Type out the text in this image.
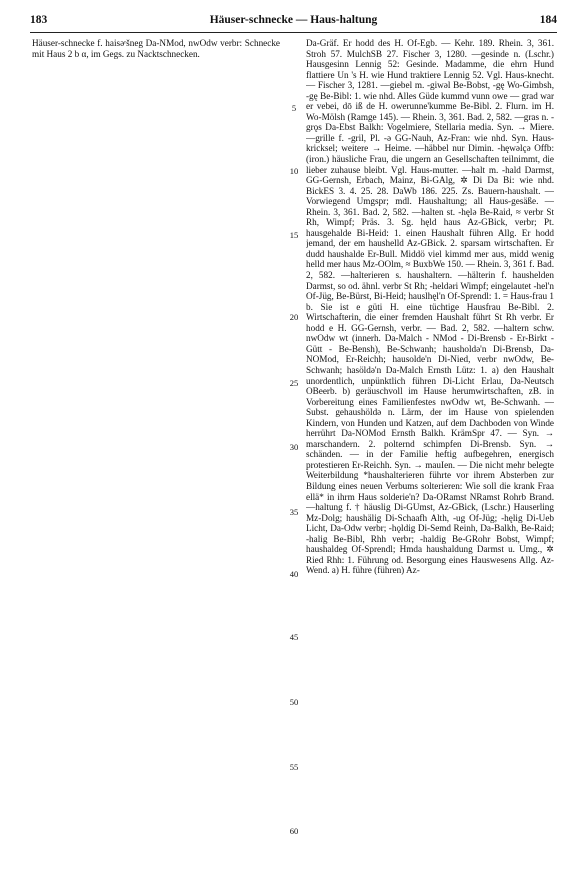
183	Häuser-schnecke — Haus-haltung	184

Häuser-schnecke f. haisǝʳšneg Da-NMod, nwOdw verbr: Schnecke mit Haus 2 b α, im Gegs. zu Nacktschnecken.

Da-Gräf. Er hodd des H. Of-Egb. — Kehr. 189. Rhein. 3, 361. Stroh 57. MulchSB 27. Fischer 3, 1280. —gesinde n. (Lschr.) Hausgesinn Lennig 52: Gesinde. Madamme, die ehrn Hund flattiere Un 's H. wie Hund traktiere Lennig 52. Vgl. Haus-knecht. — Fischer 3, 1281. —giebel m. -giwǝl Be-Bobst, -gę Wo-Gimbsh, -gę Be-Bibl: 1. wie nhd. Alles Güde kummd vunn owe — grad war er vebei, dō iß de H. owerunne'kumme Be-Bibl. 2. Flurn. im H. Wo-Mölsh (Ramge 145). — Rhein. 3, 361. Bad. 2, 582. —gras n. -grǫs Da-Ebst Balkh: Vogelmiere, Stellaria media. Syn. → Miere. —grille f. -gril, Pl. -ǝ GG-Nauh, Az-Fran: wie nhd. Syn. Haus-kricksel; weitere → Heime. —häbbel nur Dimin. -hęwǝlçǝ Offb: (iron.) häusliche Frau, die ungern an Gesellschaften teilnimmt, die lieber zuhause bleibt. Vgl. Haus-mutter. —halt m. -hald Darmst, GG-Gernsh, Erbach, Mainz, Bi-GAlg, ✲ Di Da Bi: wie nhd. BickES 3. 4. 25. 28. DaWb 186. 225. Zs. Bauern-haushalt. — Vorwiegend Umgspr; mdl. Haushaltung; all Haus-gesäße. — Rhein. 3, 361. Bad. 2, 582. —halten st. -hęlǝ Be-Raid, ≈ verbr St Rh, Wimpf; Präs. 3. Sg. hęld haus Az-GBick, verbr; Pt. hausgehalde Bi-Heid: 1. einen Haushalt führen Allg. Er hodd jemand, der em haushelld Az-GBick. 2. sparsam wirtschaften. Er dudd haushalde Er-Bull. Middö viel kimmd mer aus, midd wenig helld mer haus Mz-OOlm, ≈ BuxbWe 150. — Rhein. 3, 361 f. Bad. 2, 582. —halterieren s. haushaltern. —hälterin f. haushelden Darmst, so od. ähnl. verbr St Rh; -heldǝri Wimpf; eingelautet -hel'n Of-Jüg, Be-Bürst, Bi-Heid; hauslhęl'n Of-Sprendl: 1. = Haus-frau 1 b. Sie ist e güti H. eine tüchtige Hausfrau Be-Bibl. 2. Wirtschafterin, die einer fremden Haushalt führt St Rh verbr. Er hodd e H. GG-Gernsh, verbr. — Bad. 2, 582. —haltern schw. nwOdw wt (innerh. Da-Malch - NMod - Di-Brensb - Er-Birkt - Gütt - Be-Bensh), Be-Schwanh; hausholdǝ'n Di-Brensb, Da-NOMod, Er-Reichh; hausolde'n Di-Nied, verbr nwOdw, Be-Schwanh; hasöldǝ'n Da-Malch Ernsth Lütz: 1. a) den Haushalt unordentlich, unpünktlich führen Di-Licht Erlau, Da-Neutsch OBeerb. b) geräuschvoll im Hause herumwirtschaften, zB. in Vorbereitung eines Familienfestes nwOdw wt, Be-Schwanh. — Subst. gehaushöldǝ n. Lärm, der im Hause von spielenden Kindern, von Hunden und Katzen, auf dem Dachboden von Winde herrührt Da-NOMod Ernsth Balkh. KrämSpr 47. — Syn. → marschandern. 2. polternd schimpfen Di-Brensb. Syn. → schänden. — in der Familie heftig aufbegehren, energisch protestieren Er-Reichh. Syn. → mauIen. — Die nicht mehr belegte Weiterbildung *haushalterieren führte vor ihrem Absterben zur Bildung eines neuen Verbums solterieren: Wie soll die krank Fraa ellä* in ihrm Haus solderie'n? Da-ORamst NRamst Rohrb Brand. —haltung f. † häuslig Di-GUmst, Az-GBick, (Lschr.) Hauserling Mz-Dolg; haushälig Di-Schaafh Alth, -ug Of-Jüg; -hęlig Di-Ueb Licht, Da-Odw verbr; -hǫldig Di-Semd Reinh, Da-Balkh, Be-Raid; -halig Be-Bibl, Rhh verbr; -haldig Be-GRohr Bobst, Wimpf; haushaldeg Of-Sprendl; Hmda haushaldung Darmst u. Umg., ✲ Ried Rhh: 1. Führung od. Besorgung eines Hauswesens Allg. Az-Wend. a) H. führe (führen) Az-

5
10
15
20
25
30
35
40
45
50
55
60
